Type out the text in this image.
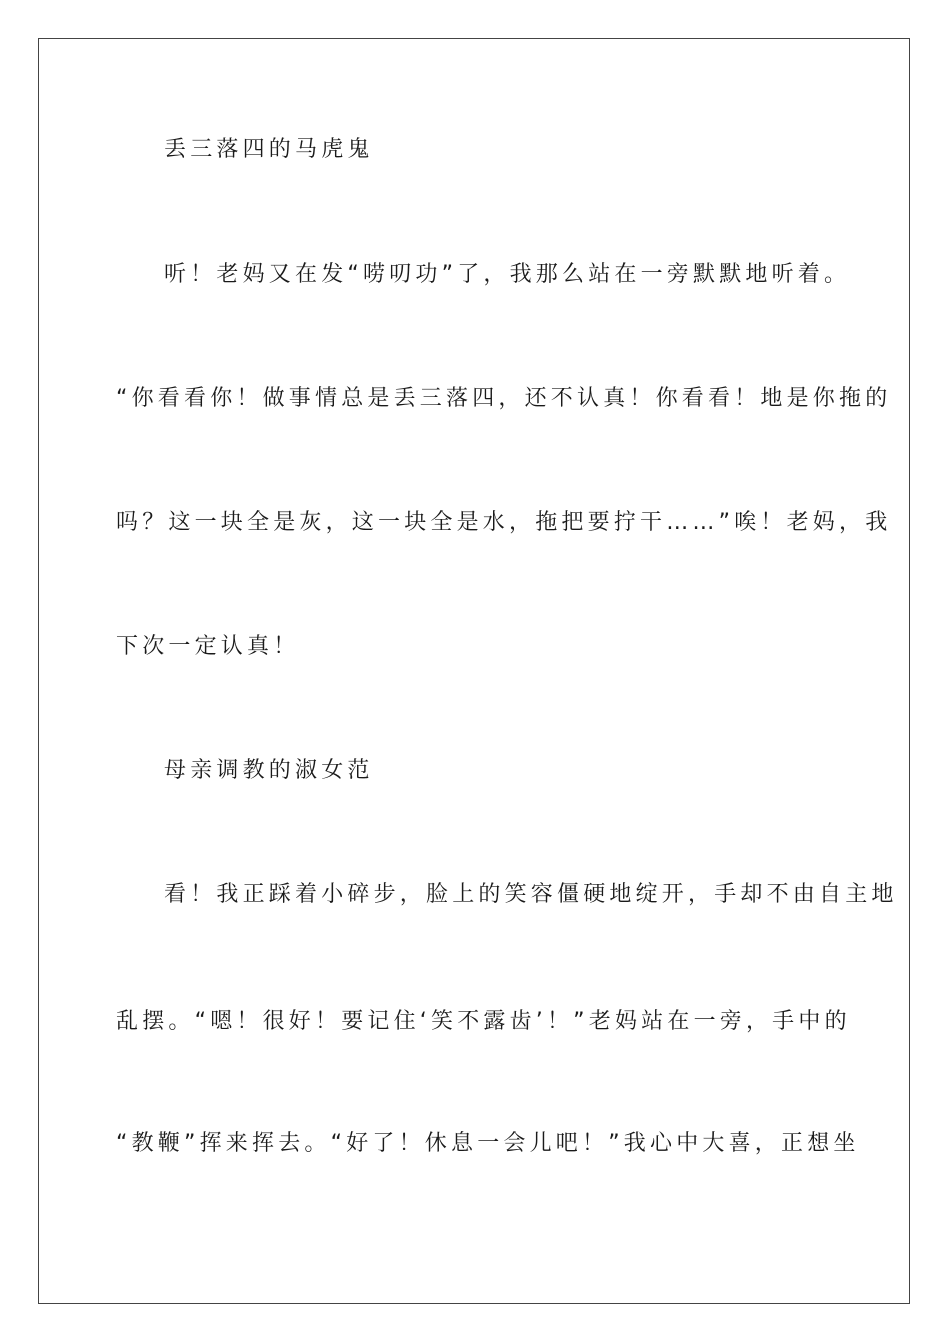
丢三落四的马虎鬼
听！老妈又在发“唠叨功”了，我那么站在一旁默默地听着。
“你看看你！做事情总是丢三落四，还不认真！你看看！地是你拖的
吗？这一块全是灰，这一块全是水，拖把要拧干……”唉！老妈，我
下次一定认真！
母亲调教的淑女范
看！我正踩着小碎步，脸上的笑容僵硬地绽开，手却不由自主地
乱摆。“嗯！很好！要记住‘笑不露齿’！”老妈站在一旁，手中的
“教鞭”挥来挥去。“好了！休息一会儿吧！”我心中大喜，正想坐
